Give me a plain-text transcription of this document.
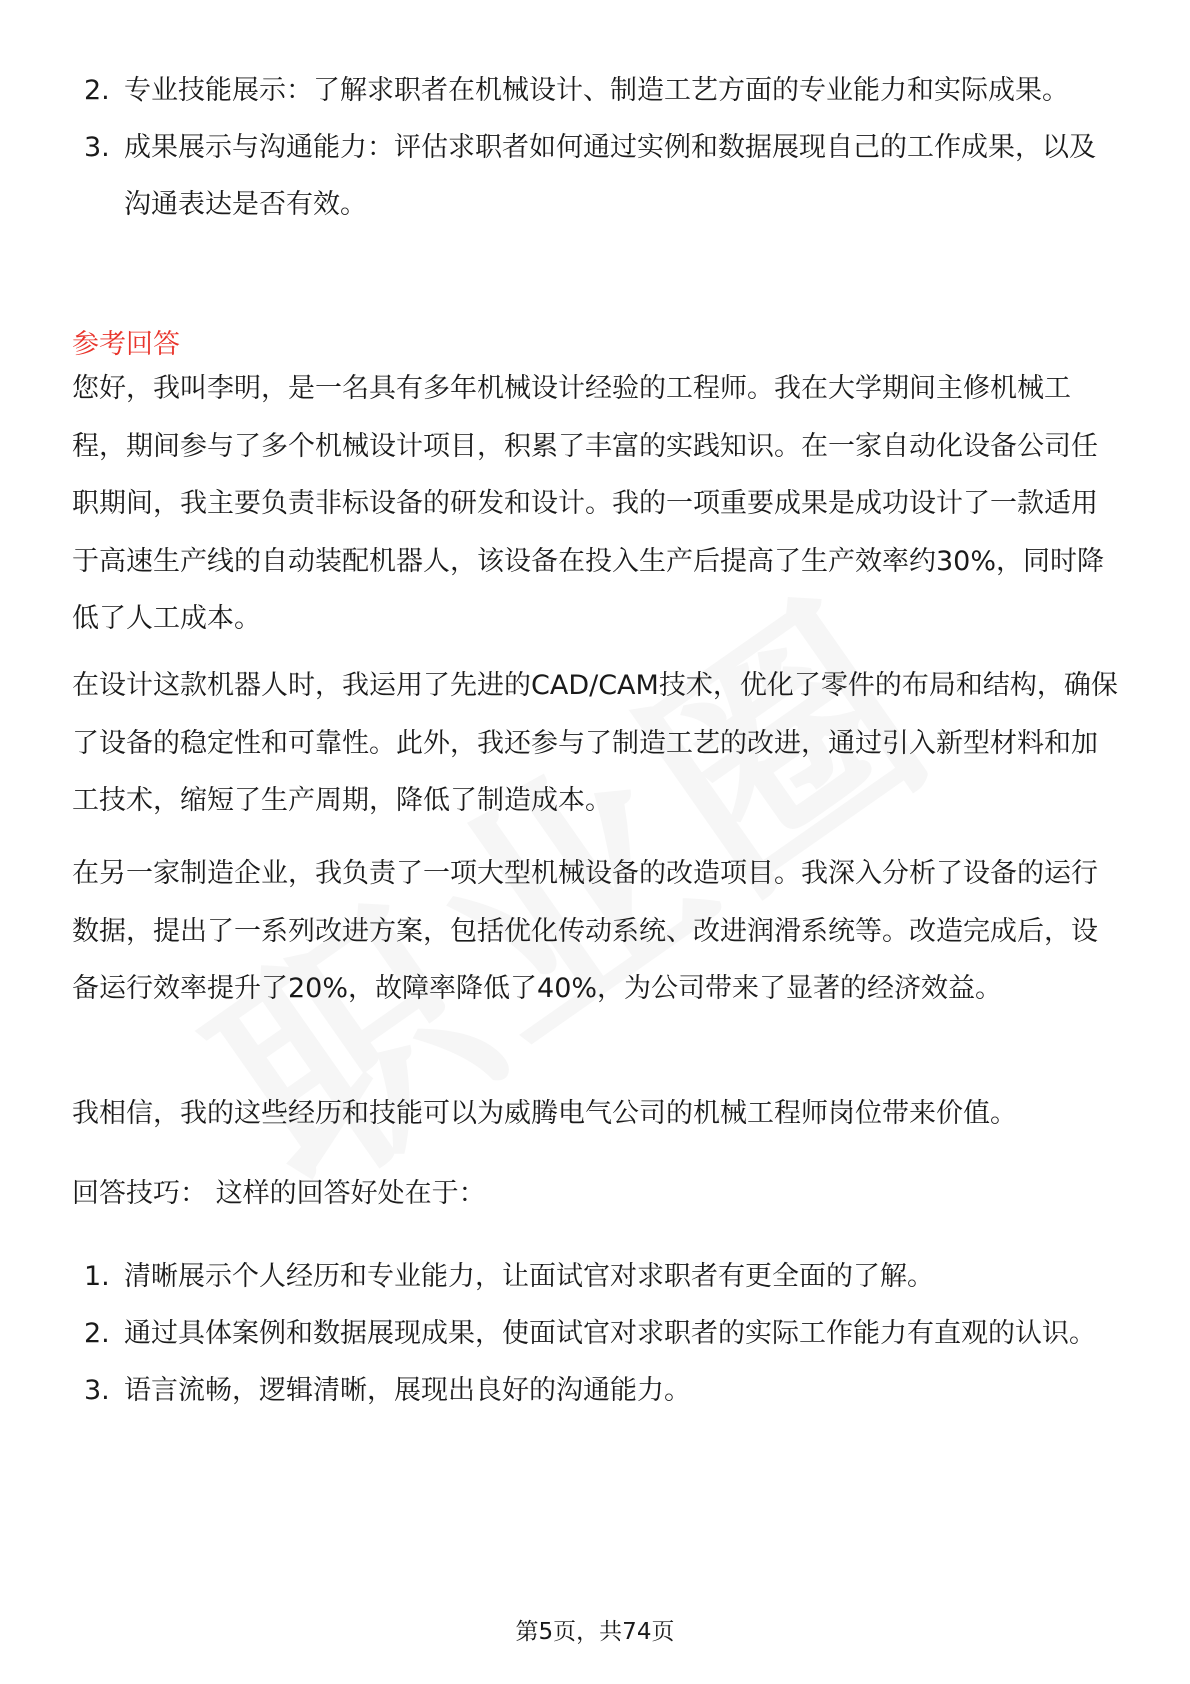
2. 专业技能展示：了解求职者在机械设计、制造工艺方面的专业能力和实际成果。
3. 成果展示与沟通能力：评估求职者如何通过实例和数据展现自己的工作成果，以及沟通表达是否有效。
参考回答

您好，我叫李明，是一名具有多年机械设计经验的工程师。我在大学期间主修机械工程，期间参与了多个机械设计项目，积累了丰富的实践知识。在一家自动化设备公司任职期间，我主要负责非标设备的研发和设计。我的一项重要成果是成功设计了一款适用于高速生产线的自动装配机器人，该设备在投入生产后提高了生产效率约30%，同时降低了人工成本。

在设计这款机器人时，我运用了先进的CAD/CAM技术，优化了零件的布局和结构，确保了设备的稳定性和可靠性。此外，我还参与了制造工艺的改进，通过引入新型材料和加工技术，缩短了生产周期，降低了制造成本。

在另一家制造企业，我负责了一项大型机械设备的改造项目。我深入分析了设备的运行数据，提出了一系列改进方案，包括优化传动系统、改进润滑系统等。改造完成后，设备运行效率提升了20%，故障率降低了40%，为公司带来了显著的经济效益。

我相信，我的这些经历和技能可以为威腾电气公司的机械工程师岗位带来价值。

回答技巧： 这样的回答好处在于：

1. 清晰展示个人经历和专业能力，让面试官对求职者有更全面的了解。
2. 通过具体案例和数据展现成果，使面试官对求职者的实际工作能力有直观的认识。
3. 语言流畅，逻辑清晰，展现出良好的沟通能力。
第5页，共74页
